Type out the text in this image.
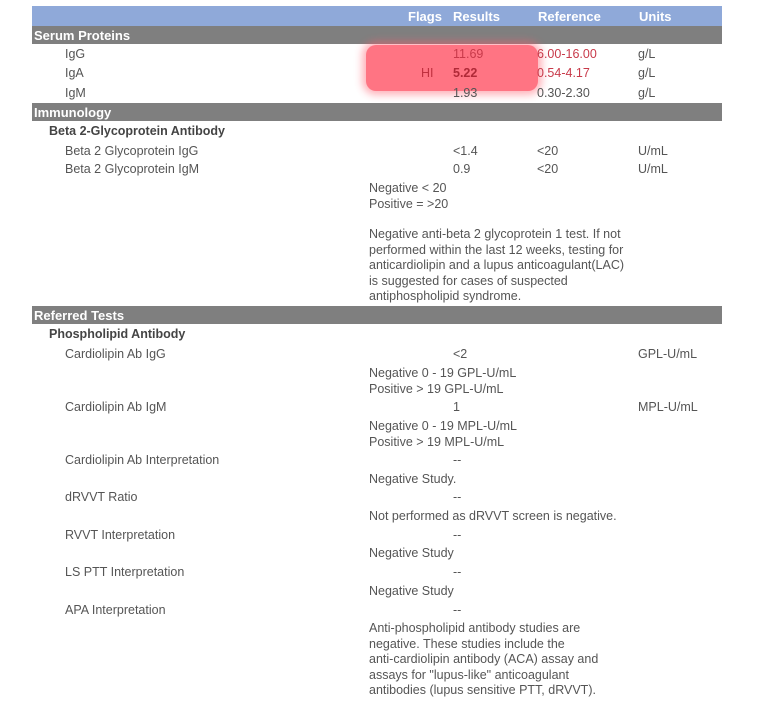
Flags Results	Reference	Units
Serum Proteins
IgG	11.69	6.00-16.00	g/L
IgA	HI 5.22	0.54-4.17	g/L
IgM	1.93	0.30-2.30	g/L
Immunology
Beta 2-Glycoprotein Antibody
Beta 2 Glycoprotein IgG	<1.4	<20	U/mL
Beta 2 Glycoprotein IgM	0.9	<20	U/mL
Negative < 20
Positive = >20
Negative anti-beta 2 glycoprotein 1 test. If not
performed within the last 12 weeks, testing for
anticardiolipin and a lupus anticoagulant(LAC)
is suggested for cases of suspected
antiphospholipid syndrome.
Referred Tests
Phospholipid Antibody
Cardiolipin Ab IgG	<2	GPL-U/mL
Negative 0 - 19 GPL-U/mL
Positive > 19 GPL-U/mL
Cardiolipin Ab IgM	1	MPL-U/mL
Negative 0 - 19 MPL-U/mL
Positive > 19 MPL-U/mL
Cardiolipin Ab Interpretation	--
Negative Study.
dRVVT Ratio	--
Not performed as dRVVT screen is negative.
RVVT Interpretation	--
Negative Study
LS PTT Interpretation	--
Negative Study
APA Interpretation	--
Anti-phospholipid antibody studies are
negative. These studies include the
anti-cardiolipin antibody (ACA) assay and
assays for "lupus-like" anticoagulant
antibodies (lupus sensitive PTT, dRVVT).
